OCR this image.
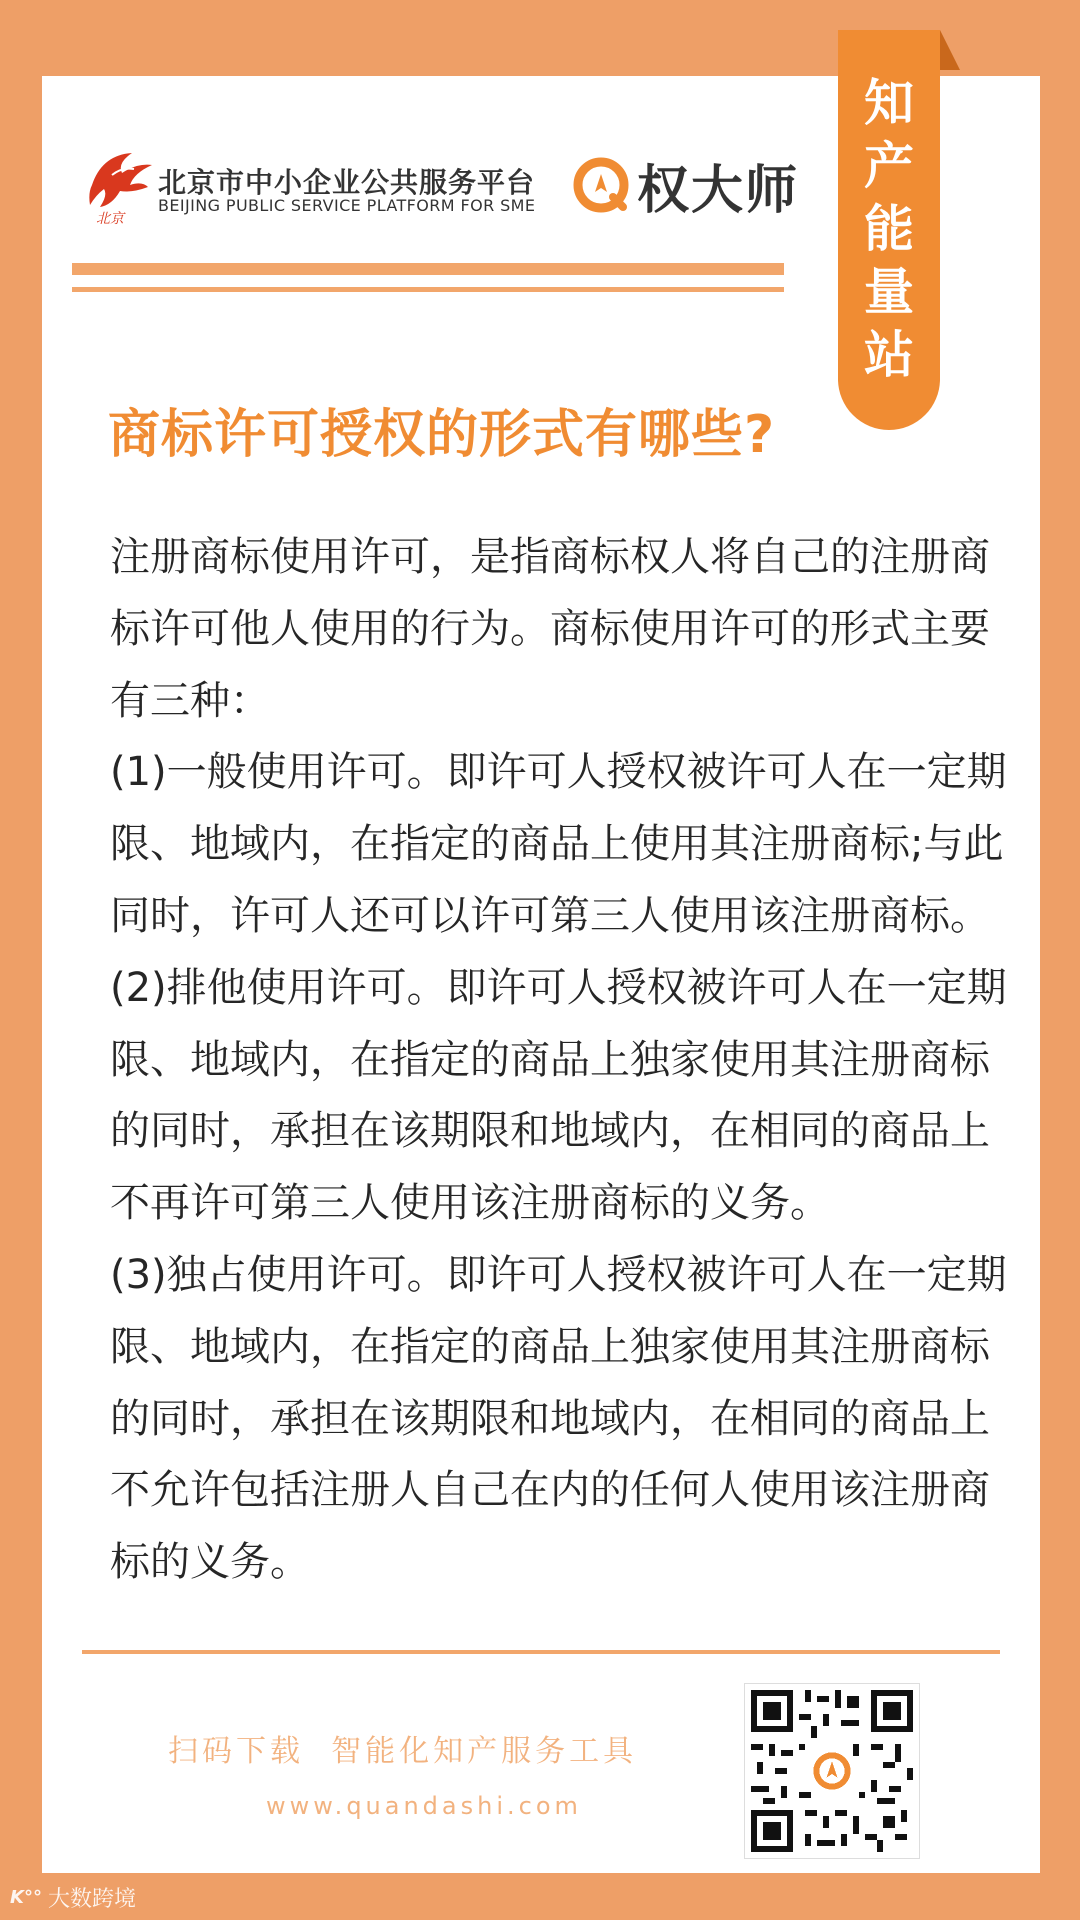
北京
北京市中小企业公共服务平台
BEIJING PUBLIC SERVICE PLATFORM FOR SME 权大师
知
产
能
量
站
商标许可授权的形式有哪些?

注册商标使用许可，是指商标权人将自己的注册商

标许可他人使用的行为。商标使用许可的形式主要

有三种：

(1)一般使用许可。即许可人授权被许可人在一定期

限、地域内，在指定的商品上使用其注册商标;与此

同时，许可人还可以许可第三人使用该注册商标。

(2)排他使用许可。即许可人授权被许可人在一定期

限、地域内，在指定的商品上独家使用其注册商标

的同时，承担在该期限和地域内，在相同的商品上

不再许可第三人使用该注册商标的义务。

(3)独占使用许可。即许可人授权被许可人在一定期

限、地域内，在指定的商品上独家使用其注册商标

的同时，承担在该期限和地域内，在相同的商品上

不允许包括注册人自己在内的任何人使用该注册商

标的义务。

扫码下载  智能化知产服务工具
www.quandashi.com
K°° 大数跨境
